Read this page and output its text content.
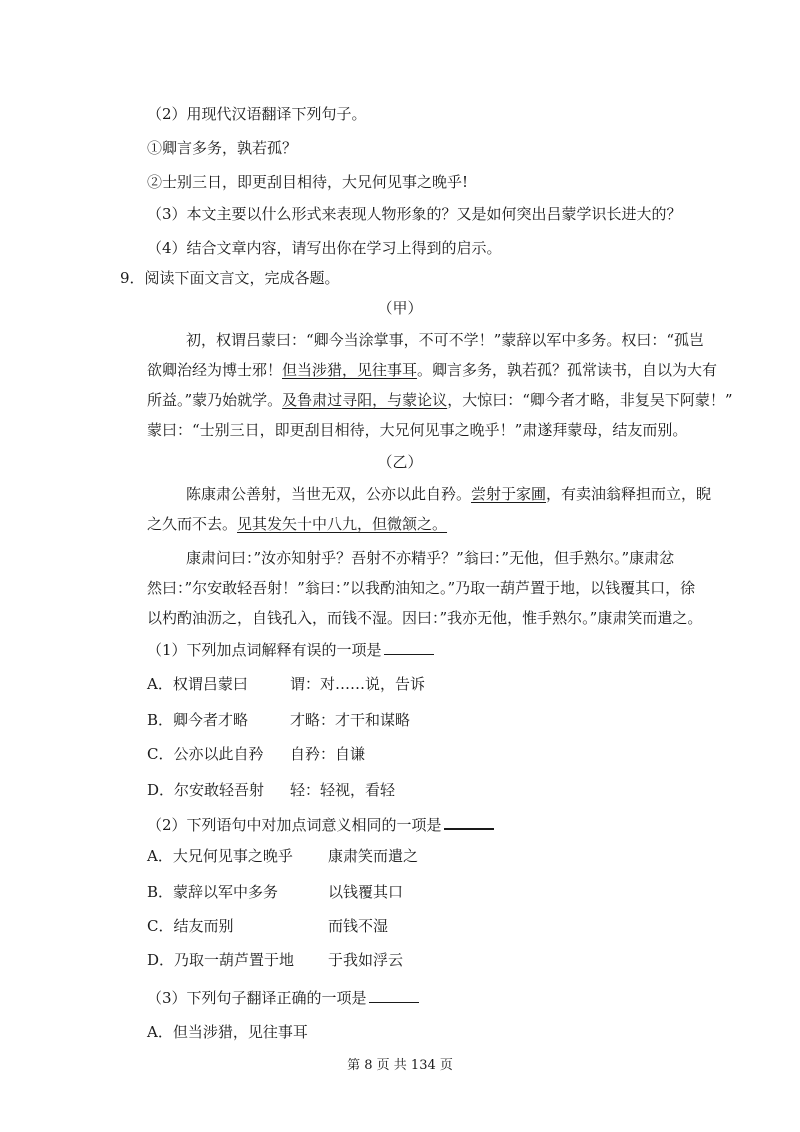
（2）用现代汉语翻译下列句子。
①卿言多务，孰若孤？
②士别三日，即更刮目相待，大兄何见事之晚乎!
（3）本文主要以什么形式来表现人物形象的？又是如何突出吕蒙学识长进大的？
（4）结合文章内容，请写出你在学习上得到的启示。
9．阅读下面文言文，完成各题。
（甲）
初，权谓吕蒙曰：“卿今当涂掌事，不可不学！”蒙辞以军中多务。权曰：“孤岂
欲卿治经为博士邪！但当涉猎，见往事耳。卿言多务，孰若孤？孤常读书，自以为大有
所益。”蒙乃始就学。及鲁肃过寻阳，与蒙论议，大惊曰：“卿今者才略，非复吴下阿蒙！”
蒙曰：“士别三日，即更刮目相待，大兄何见事之晚乎！”肃遂拜蒙母，结友而别。
（乙）
陈康肃公善射，当世无双，公亦以此自矜。尝射于家圃，有卖油翁释担而立，睨
之久而不去。见其发矢十中八九，但微颔之。
康肃问曰：”汝亦知射乎？吾射不亦精乎？”翁曰：”无他，但手熟尔。”康肃忿
然曰：”尔安敢轻吾射！”翁曰：”以我酌油知之。”乃取一葫芦置于地，以钱覆其口，徐
以杓酌油沥之，自钱孔入，而钱不湿。因曰：”我亦无他，惟手熟尔。”康肃笑而遣之。
（1）下列加点词解释有误的一项是
A．权谓吕蒙曰	谓：对……说，告诉
B．卿今者才略	才略：才干和谋略
C．公亦以此自矜 自矜：自谦
D．尔安敢轻吾射 轻：轻视，看轻
（2）下列语句中对加点词意义相同的一项是
A．大兄何见事之晚乎 康肃笑而遣之
B．蒙辞以军中多务	以钱覆其口
C．结友而别	而钱不湿
D．乃取一葫芦置于地 于我如浮云
（3）下列句子翻译正确的一项是
A．但当涉猎，见往事耳
第 8 页 共 134 页
